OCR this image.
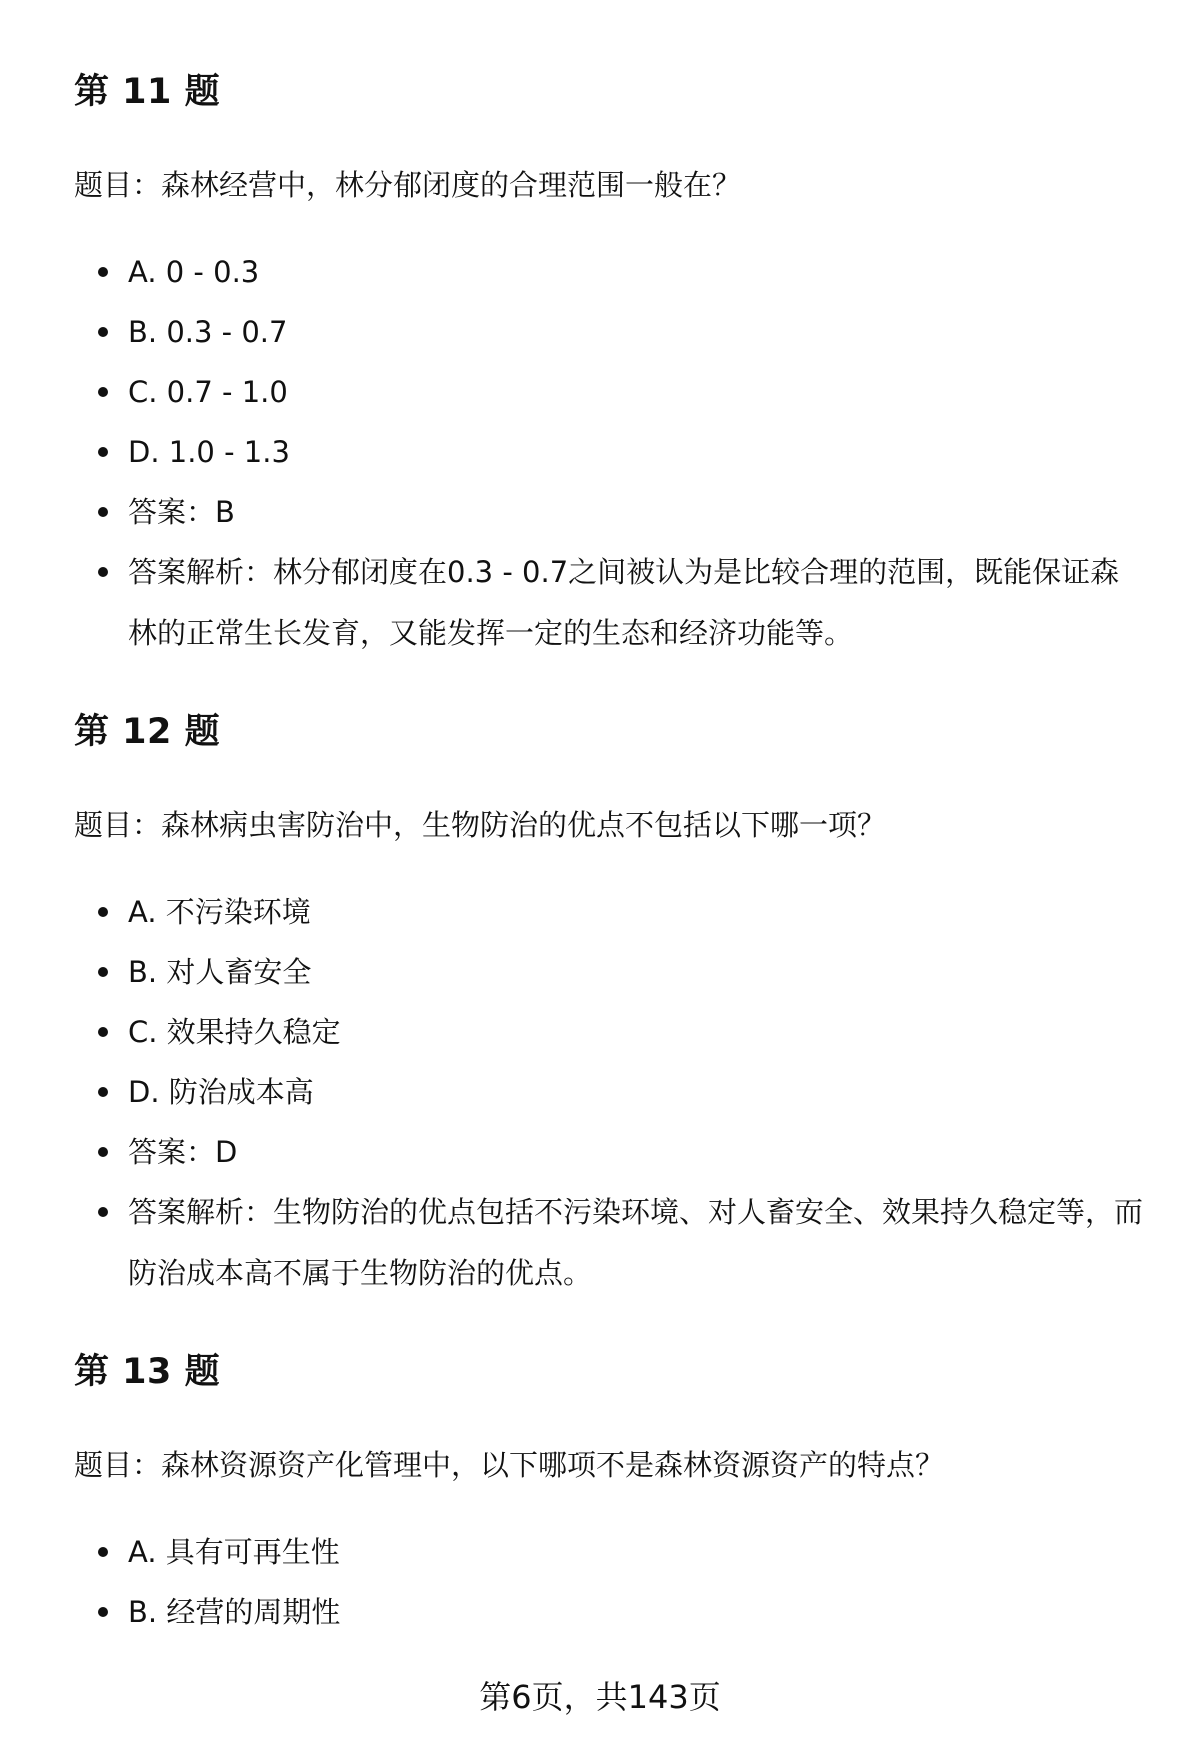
第 11 题

题目：森林经营中，林分郁闭度的合理范围一般在？

A. 0 - 0.3
B. 0.3 - 0.7
C. 0.7 - 1.0
D. 1.0 - 1.3
答案：B
答案解析：林分郁闭度在0.3 - 0.7之间被认为是比较合理的范围，既能保证森林的正常生长发育，又能发挥一定的生态和经济功能等。
第 12 题

题目：森林病虫害防治中，生物防治的优点不包括以下哪一项？

A. 不污染环境
B. 对人畜安全
C. 效果持久稳定
D. 防治成本高
答案：D
答案解析：生物防治的优点包括不污染环境、对人畜安全、效果持久稳定等，而防治成本高不属于生物防治的优点。
第 13 题

题目：森林资源资产化管理中，以下哪项不是森林资源资产的特点？

A. 具有可再生性
B. 经营的周期性
第6页，共143页
